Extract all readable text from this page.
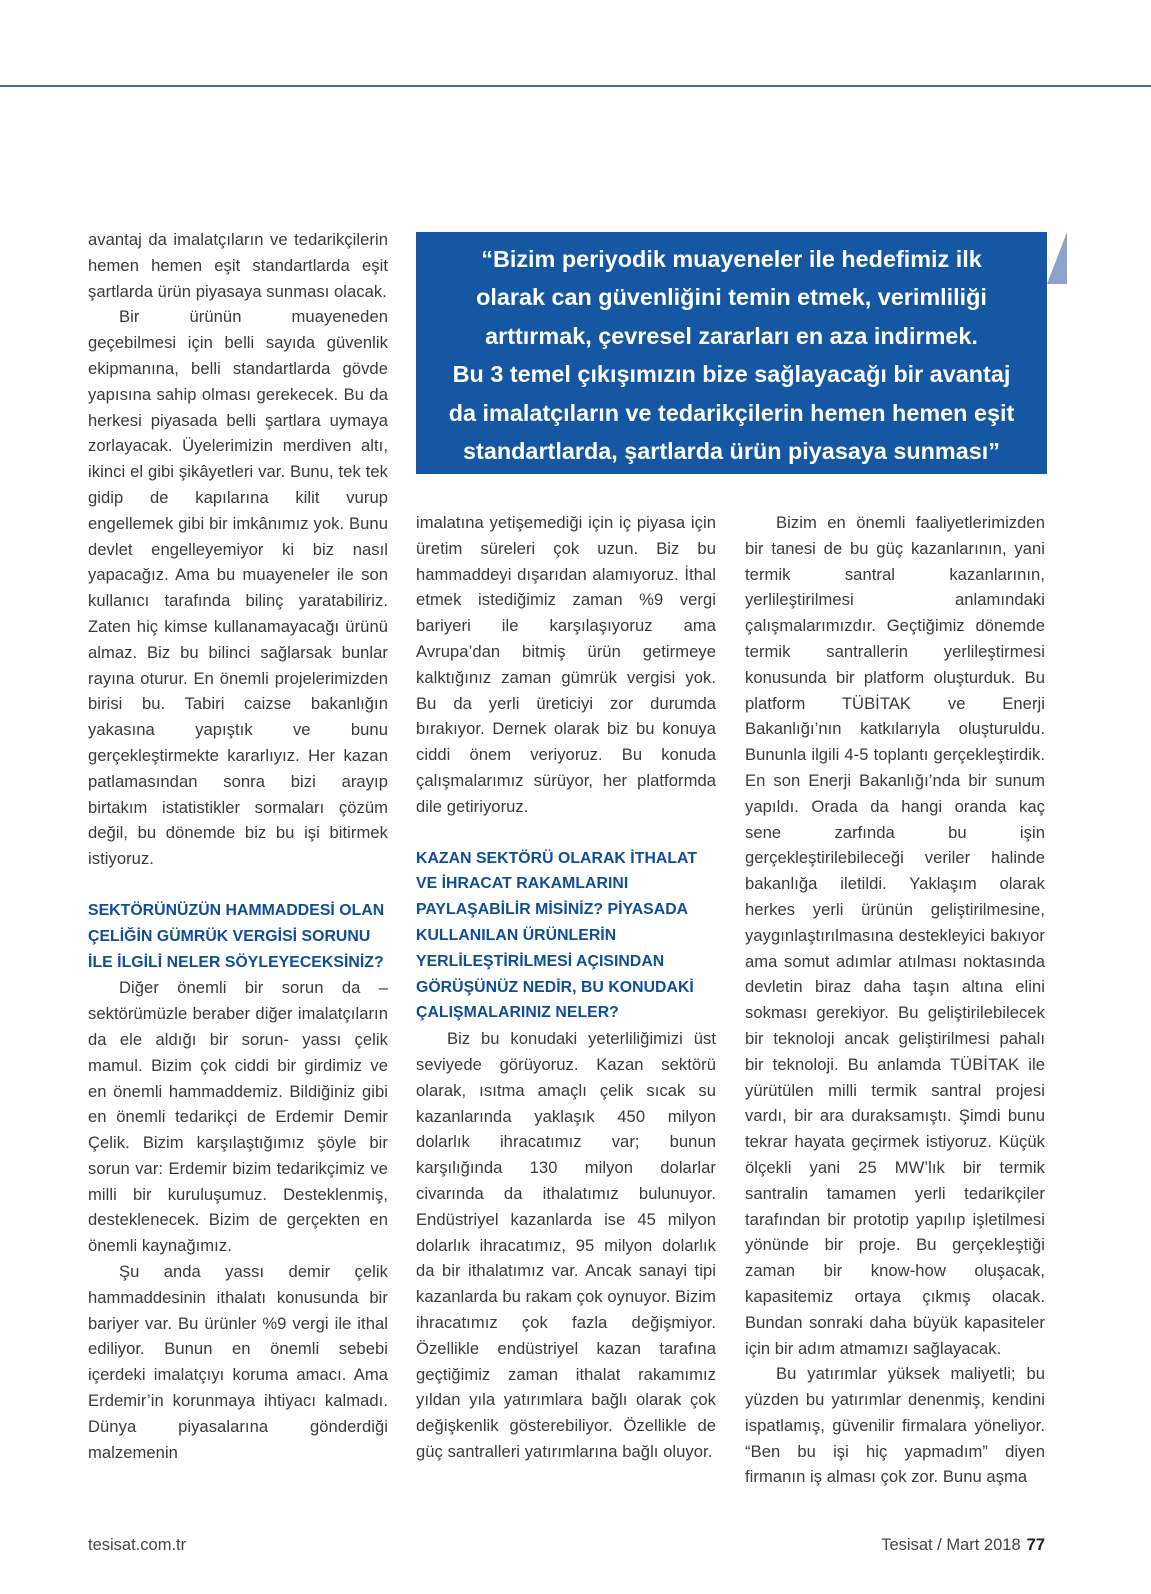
“Bizim periyodik muayeneler ile hedefimiz ilk
olarak can güvenliğini temin etmek, verimliliği
arttırmak, çevresel zararları en aza indirmek.
Bu 3 temel çıkışımızın bize sağlayacağı bir avantaj
da imalatçıların ve tedarikçilerin hemen hemen eşit
standartlarda, şartlarda ürün piyasaya sunması”

avantaj da imalatçıların ve tedarikçilerin hemen hemen eşit standartlarda eşit şartlarda ürün piyasaya sunması olacak.

Bir ürünün muayeneden geçebilmesi için belli sayıda güvenlik ekipmanına, belli standartlarda gövde yapısına sahip olması gerekecek. Bu da herkesi piyasada belli şartlara uymaya zorlayacak. Üyelerimizin merdiven altı, ikinci el gibi şikâyetleri var. Bunu, tek tek gidip de kapılarına kilit vurup engellemek gibi bir imkânımız yok. Bunu devlet engelleyemiyor ki biz nasıl yapacağız. Ama bu muayeneler ile son kullanıcı tarafında bilinç yaratabiliriz. Zaten hiç kimse kullanamayacağı ürünü almaz. Biz bu bilinci sağlarsak bunlar rayına oturur. En önemli projelerimizden birisi bu. Tabiri caizse bakanlığın yakasına yapıştık ve bunu gerçekleştirmekte kararlıyız. Her kazan patlamasından sonra bizi arayıp birtakım istatistikler sormaları çözüm değil, bu dönemde biz bu işi bitirmek istiyoruz.

SEKTÖRÜNÜZÜN HAMMADDESİ OLAN ÇELİĞİN GÜMRÜK VERGİSİ SORUNU İLE İLGİLİ NELER SÖYLEYECEKSİNİZ?

Diğer önemli bir sorun da –sektörümüzle beraber diğer imalatçıların da ele aldığı bir sorun- yassı çelik mamul. Bizim çok ciddi bir girdimiz ve en önemli hammaddemiz. Bildiğiniz gibi en önemli tedarikçi de Erdemir Demir Çelik. Bizim karşılaştığımız şöyle bir sorun var: Erdemir bizim tedarikçimiz ve milli bir kuruluşumuz. Desteklenmiş, desteklenecek. Bizim de gerçekten en önemli kaynağımız.

Şu anda yassı demir çelik hammaddesinin ithalatı konusunda bir bariyer var. Bu ürünler %9 vergi ile ithal ediliyor. Bunun en önemli sebebi içerdeki imalatçıyı koruma amacı. Ama Erdemir’in korunmaya ihtiyacı kalmadı. Dünya piyasalarına gönderdiği malzemenin

imalatına yetişemediği için iç piyasa için üretim süreleri çok uzun. Biz bu hammaddeyi dışarıdan alamıyoruz. İthal etmek istediğimiz zaman %9 vergi bariyeri ile karşılaşıyoruz ama Avrupa’dan bitmiş ürün getirmeye kalktığınız zaman gümrük vergisi yok. Bu da yerli üreticiyi zor durumda bırakıyor. Dernek olarak biz bu konuya ciddi önem veriyoruz. Bu konuda çalışmalarımız sürüyor, her platformda dile getiriyoruz.

KAZAN SEKTÖRÜ OLARAK İTHALAT VE İHRACAT RAKAMLARINI PAYLAŞABİLİR MİSİNİZ? PİYASADA KULLANILAN ÜRÜNLERİN YERLİLEŞTİRİLMESİ AÇISINDAN GÖRÜŞÜNÜZ NEDİR, BU KONUDAKİ ÇALIŞMALARINIZ NELER?

Biz bu konudaki yeterliliğimizi üst seviyede görüyoruz. Kazan sektörü olarak, ısıtma amaçlı çelik sıcak su kazanlarında yaklaşık 450 milyon dolarlık ihracatımız var; bunun karşılığında 130 milyon dolarlar civarında da ithalatımız bulunuyor. Endüstriyel kazanlarda ise 45 milyon dolarlık ihracatımız, 95 milyon dolarlık da bir ithalatımız var. Ancak sanayi tipi kazanlarda bu rakam çok oynuyor. Bizim ihracatımız çok fazla değişmiyor. Özellikle endüstriyel kazan tarafına geçtiğimiz zaman ithalat rakamımız yıldan yıla yatırımlara bağlı olarak çok değişkenlik gösterebiliyor. Özellikle de güç santralleri yatırımlarına bağlı oluyor.

Bizim en önemli faaliyetlerimizden bir tanesi de bu güç kazanlarının, yani termik santral kazanlarının, yerlileştirilmesi anlamındaki çalışmalarımızdır. Geçtiğimiz dönemde termik santrallerin yerlileştirmesi konusunda bir platform oluşturduk. Bu platform TÜBİTAK ve Enerji Bakanlığı’nın katkılarıyla oluşturuldu. Bununla ilgili 4-5 toplantı gerçekleştirdik. En son Enerji Bakanlığı’nda bir sunum yapıldı. Orada da hangi oranda kaç sene zarfında bu işin gerçekleştirilebileceği veriler halinde bakanlığa iletildi. Yaklaşım olarak herkes yerli ürünün geliştirilmesine, yaygınlaştırılmasına destekleyici bakıyor ama somut adımlar atılması noktasında devletin biraz daha taşın altına elini sokması gerekiyor. Bu geliştirilebilecek bir teknoloji ancak geliştirilmesi pahalı bir teknoloji. Bu anlamda TÜBİTAK ile yürütülen milli termik santral projesi vardı, bir ara duraksamıştı. Şimdi bunu tekrar hayata geçirmek istiyoruz. Küçük ölçekli yani 25 MW’lık bir termik santralin tamamen yerli tedarikçiler tarafından bir prototip yapılıp işletilmesi yönünde bir proje. Bu gerçekleştiği zaman bir know-how oluşacak, kapasitemiz ortaya çıkmış olacak. Bundan sonraki daha büyük kapasiteler için bir adım atmamızı sağlayacak.

Bu yatırımlar yüksek maliyetli; bu yüzden bu yatırımlar denenmiş, kendini ispatlamış, güvenilir firmalara yöneliyor. “Ben bu işi hiç yapmadım” diyen firmanın iş alması çok zor. Bunu aşma

tesisat.com.tr	Tesisat / Mart 2018 77
